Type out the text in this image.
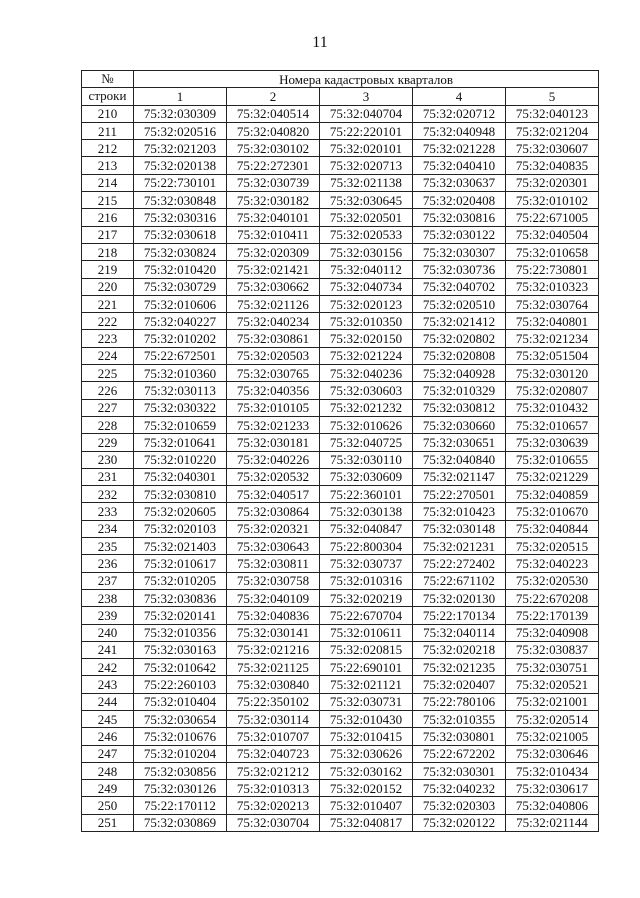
11
№	Номера кадастровых кварталов				
строки	1	2	3	4	5
210	75:32:030309	75:32:040514	75:32:040704	75:32:020712	75:32:040123
211	75:32:020516	75:32:040820	75:22:220101	75:32:040948	75:32:021204
212	75:32:021203	75:32:030102	75:32:020101	75:32:021228	75:32:030607
213	75:32:020138	75:22:272301	75:32:020713	75:32:040410	75:32:040835
214	75:22:730101	75:32:030739	75:32:021138	75:32:030637	75:32:020301
215	75:32:030848	75:32:030182	75:32:030645	75:32:020408	75:32:010102
216	75:32:030316	75:32:040101	75:32:020501	75:32:030816	75:22:671005
217	75:32:030618	75:32:010411	75:32:020533	75:32:030122	75:32:040504
218	75:32:030824	75:32:020309	75:32:030156	75:32:030307	75:32:010658
219	75:32:010420	75:32:021421	75:32:040112	75:32:030736	75:22:730801
220	75:32:030729	75:32:030662	75:32:040734	75:32:040702	75:32:010323
221	75:32:010606	75:32:021126	75:32:020123	75:32:020510	75:32:030764
222	75:32:040227	75:32:040234	75:32:010350	75:32:021412	75:32:040801
223	75:32:010202	75:32:030861	75:32:020150	75:32:020802	75:32:021234
224	75:22:672501	75:32:020503	75:32:021224	75:32:020808	75:32:051504
225	75:32:010360	75:32:030765	75:32:040236	75:32:040928	75:32:030120
226	75:32:030113	75:32:040356	75:32:030603	75:32:010329	75:32:020807
227	75:32:030322	75:32:010105	75:32:021232	75:32:030812	75:32:010432
228	75:32:010659	75:32:021233	75:32:010626	75:32:030660	75:32:010657
229	75:32:010641	75:32:030181	75:32:040725	75:32:030651	75:32:030639
230	75:32:010220	75:32:040226	75:32:030110	75:32:040840	75:32:010655
231	75:32:040301	75:32:020532	75:32:030609	75:32:021147	75:32:021229
232	75:32:030810	75:32:040517	75:22:360101	75:22:270501	75:32:040859
233	75:32:020605	75:32:030864	75:32:030138	75:32:010423	75:32:010670
234	75:32:020103	75:32:020321	75:32:040847	75:32:030148	75:32:040844
235	75:32:021403	75:32:030643	75:22:800304	75:32:021231	75:32:020515
236	75:32:010617	75:32:030811	75:32:030737	75:22:272402	75:32:040223
237	75:32:010205	75:32:030758	75:32:010316	75:22:671102	75:32:020530
238	75:32:030836	75:32:040109	75:32:020219	75:32:020130	75:22:670208
239	75:32:020141	75:32:040836	75:22:670704	75:22:170134	75:22:170139
240	75:32:010356	75:32:030141	75:32:010611	75:32:040114	75:32:040908
241	75:32:030163	75:32:021216	75:32:020815	75:32:020218	75:32:030837
242	75:32:010642	75:32:021125	75:22:690101	75:32:021235	75:32:030751
243	75:22:260103	75:32:030840	75:32:021121	75:32:020407	75:32:020521
244	75:32:010404	75:22:350102	75:32:030731	75:22:780106	75:32:021001
245	75:32:030654	75:32:030114	75:32:010430	75:32:010355	75:32:020514
246	75:32:010676	75:32:010707	75:32:010415	75:32:030801	75:32:021005
247	75:32:010204	75:32:040723	75:32:030626	75:22:672202	75:32:030646
248	75:32:030856	75:32:021212	75:32:030162	75:32:030301	75:32:010434
249	75:32:030126	75:32:010313	75:32:020152	75:32:040232	75:32:030617
250	75:22:170112	75:32:020213	75:32:010407	75:32:020303	75:32:040806
251	75:32:030869	75:32:030704	75:32:040817	75:32:020122	75:32:021144
